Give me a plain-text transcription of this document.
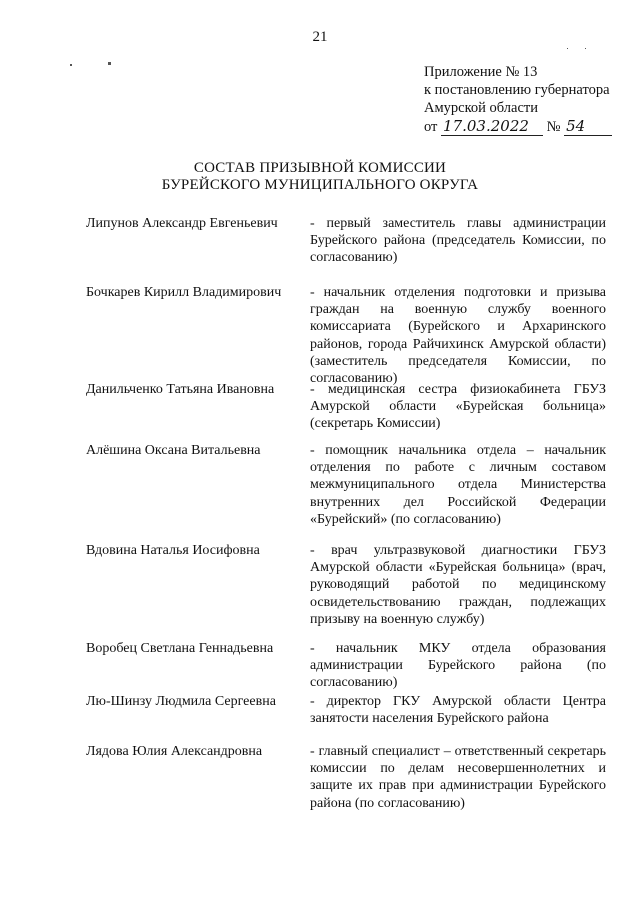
21
Приложение № 13
к постановлению губернатора
Амурской области
от 17.03.2022 № 54
СОСТАВ ПРИЗЫВНОЙ КОМИССИИ
БУРЕЙСКОГО МУНИЦИПАЛЬНОГО ОКРУГА
Липунов Александр Евгеньевич	- первый заместитель главы администрации Бурейского района (председатель Комиссии, по согласованию)
Бочкарев Кирилл Владимирович	- начальник отделения подготовки и призыва граждан на военную службу военного комиссариата (Бурейского и Архаринского районов, города Райчихинск Амурской области) (заместитель председателя Комиссии, по согласованию)
Данильченко Татьяна Ивановна	- медицинская сестра физиокабинета ГБУЗ Амурской области «Бурейская больница» (секретарь Комиссии)
Алёшина Оксана Витальевна	- помощник начальника отдела – начальник отделения по работе с личным составом межмуниципального отдела Министерства внутренних дел Российской Федерации «Бурейский» (по согласованию)
Вдовина Наталья Иосифовна	- врач ультразвуковой диагностики ГБУЗ Амурской области «Бурейская больница» (врач, руководящий работой по медицинскому освидетельствованию граждан, подлежащих призыву на военную службу)
Воробец Светлана Геннадьевна	- начальник МКУ отдела образования администрации Бурейского района (по согласованию)
Лю-Шинзу Людмила Сергеевна	- директор ГКУ Амурской области Центра занятости населения Бурейского района
Лядова Юлия Александровна	- главный специалист – ответственный секретарь комиссии по делам несовершеннолетних и защите их прав при администрации Бурейского района (по согласованию)
